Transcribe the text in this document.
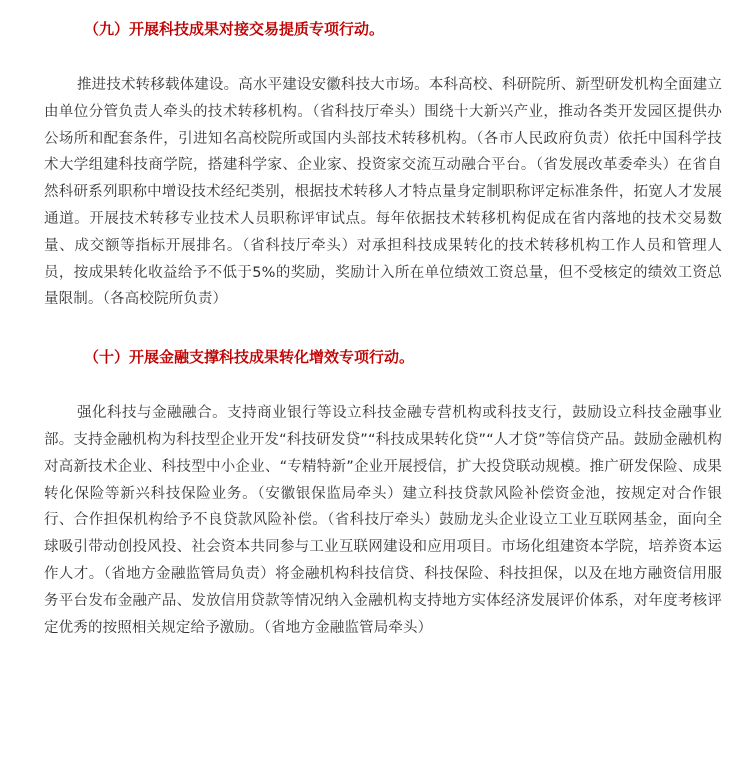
（九）开展科技成果对接交易提质专项行动。

推进技术转移载体建设。高水平建设安徽科技大市场。本科高校、科研院所、新型研发机构全面建立由单位分管负责人牵头的技术转移机构。（省科技厅牵头）围绕十大新兴产业，推动各类开发园区提供办公场所和配套条件，引进知名高校院所或国内头部技术转移机构。（各市人民政府负责）依托中国科学技术大学组建科技商学院，搭建科学家、企业家、投资家交流互动融合平台。（省发展改革委牵头）在省自然科研系列职称中增设技术经纪类别，根据技术转移人才特点量身定制职称评定标准条件，拓宽人才发展通道。开展技术转移专业技术人员职称评审试点。每年依据技术转移机构促成在省内落地的技术交易数量、成交额等指标开展排名。（省科技厅牵头）对承担科技成果转化的技术转移机构工作人员和管理人员，按成果转化收益给予不低于5%的奖励，奖励计入所在单位绩效工资总量，但不受核定的绩效工资总量限制。（各高校院所负责）

（十）开展金融支撑科技成果转化增效专项行动。

强化科技与金融融合。支持商业银行等设立科技金融专营机构或科技支行，鼓励设立科技金融事业部。支持金融机构为科技型企业开发“科技研发贷”“科技成果转化贷”“人才贷”等信贷产品。鼓励金融机构对高新技术企业、科技型中小企业、“专精特新”企业开展授信，扩大投贷联动规模。推广研发保险、成果转化保险等新兴科技保险业务。（安徽银保监局牵头）建立科技贷款风险补偿资金池，按规定对合作银行、合作担保机构给予不良贷款风险补偿。（省科技厅牵头）鼓励龙头企业设立工业互联网基金，面向全球吸引带动创投风投、社会资本共同参与工业互联网建设和应用项目。市场化组建资本学院，培养资本运作人才。（省地方金融监管局负责）将金融机构科技信贷、科技保险、科技担保，以及在地方融资信用服务平台发布金融产品、发放信用贷款等情况纳入金融机构支持地方实体经济发展评价体系，对年度考核评定优秀的按照相关规定给予激励。（省地方金融监管局牵头）
